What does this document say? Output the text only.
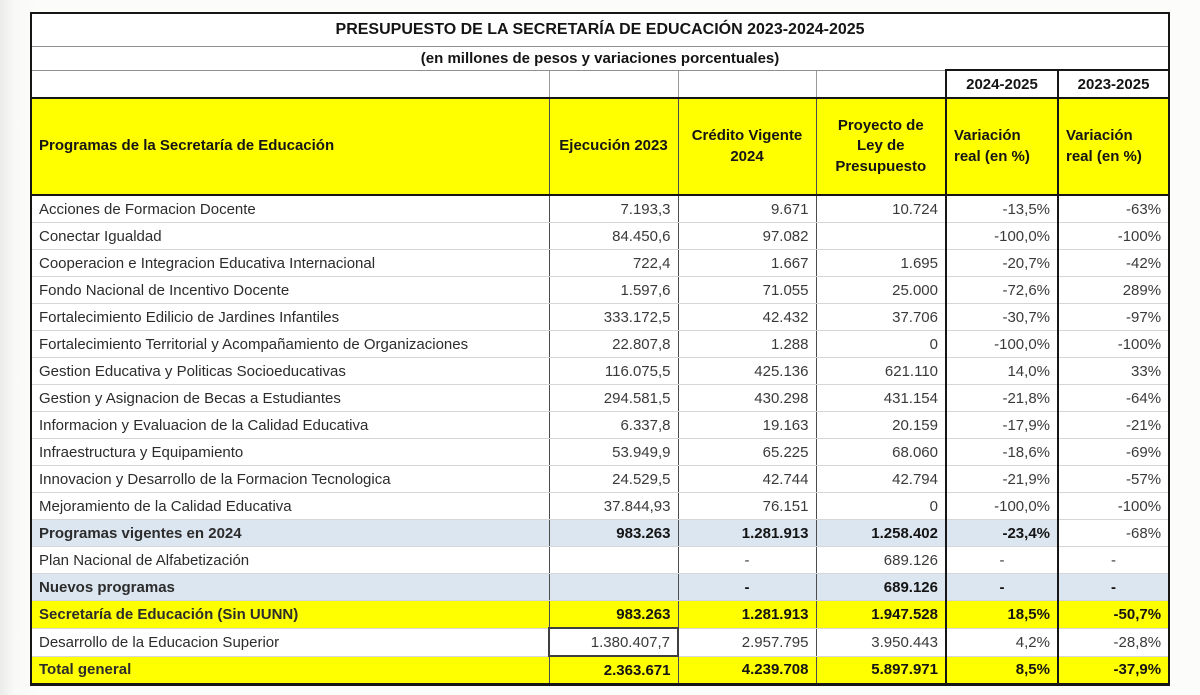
PRESUPUESTO DE LA SECRETARÍA DE EDUCACIÓN 2023-2024-2025					
(en millones de pesos y variaciones porcentuales)					
				2024-2025	2023-2025
Programas de la Secretaría de Educación	Ejecución 2023	Crédito Vigente 2024	Proyecto de Ley de Presupuesto	Variación real (en %)	Variación real (en %)
Acciones de Formacion Docente	7.193,3	9.671	10.724	-13,5%	-63%
Conectar Igualdad	84.450,6	97.082		-100,0%	-100%
Cooperacion e Integracion Educativa Internacional	722,4	1.667	1.695	-20,7%	-42%
Fondo Nacional de Incentivo Docente	1.597,6	71.055	25.000	-72,6%	289%
Fortalecimiento Edilicio de Jardines Infantiles	333.172,5	42.432	37.706	-30,7%	-97%
Fortalecimiento Territorial y Acompañamiento de Organizaciones	22.807,8	1.288	0	-100,0%	-100%
Gestion Educativa y Politicas Socioeducativas	116.075,5	425.136	621.110	14,0%	33%
Gestion y Asignacion de Becas a Estudiantes	294.581,5	430.298	431.154	-21,8%	-64%
Informacion y Evaluacion de la Calidad Educativa	6.337,8	19.163	20.159	-17,9%	-21%
Infraestructura y Equipamiento	53.949,9	65.225	68.060	-18,6%	-69%
Innovacion y Desarrollo de la Formacion Tecnologica	24.529,5	42.744	42.794	-21,9%	-57%
Mejoramiento de la Calidad Educativa	37.844,93	76.151	0	-100,0%	-100%
Programas vigentes en 2024	983.263	1.281.913	1.258.402	-23,4%	-68%
Plan Nacional de Alfabetización		-	689.126	-	-
Nuevos programas		-	689.126	-	-
Secretaría de Educación (Sin UUNN)	983.263	1.281.913	1.947.528	18,5%	-50,7%
Desarrollo de la Educacion Superior	1.380.407,7	2.957.795	3.950.443	4,2%	-28,8%
Total general	2.363.671	4.239.708	5.897.971	8,5%	-37,9%
